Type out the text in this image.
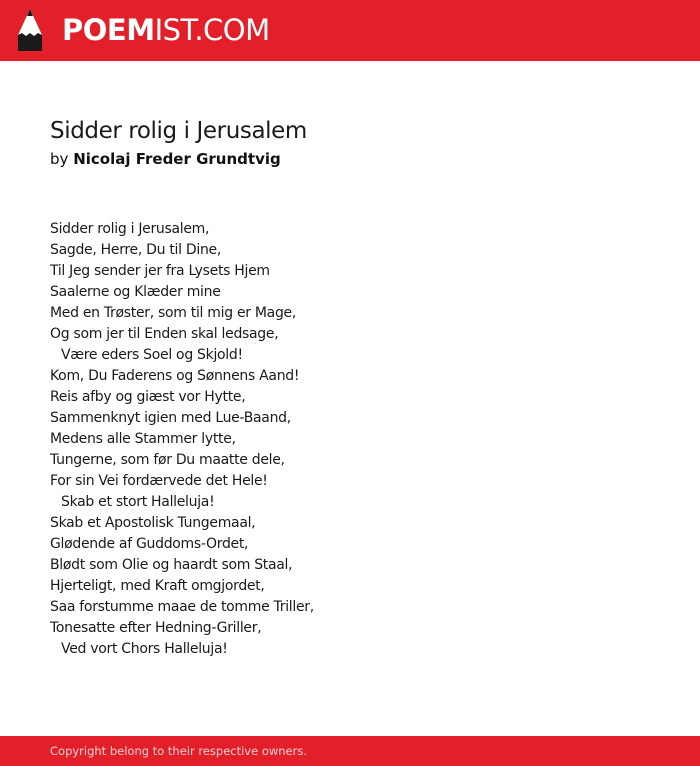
POEMIST.COM
Sidder rolig i Jerusalem
by Nicolaj Freder Grundtvig
Sidder rolig i Jerusalem,
Sagde, Herre, Du til Dine,
Til Jeg sender jer fra Lysets Hjem
Saalerne og Klæder mine
Med en Trøster, som til mig er Mage,
Og som jer til Enden skal ledsage,
Være eders Soel og Skjold!
Kom, Du Faderens og Sønnens Aand!
Reis afby og giæst vor Hytte,
Sammenknyt igien med Lue-Baand,
Medens alle Stammer lytte,
Tungerne, som før Du maatte dele,
For sin Vei fordærvede det Hele!
Skab et stort Halleluja!
Skab et Apostolisk Tungemaal,
Glødende af Guddoms-Ordet,
Blødt som Olie og haardt som Staal,
Hjerteligt, med Kraft omgjordet,
Saa forstumme maae de tomme Triller,
Tonesatte efter Hedning-Griller,
Ved vort Chors Halleluja!
Copyright belong to their respective owners.
